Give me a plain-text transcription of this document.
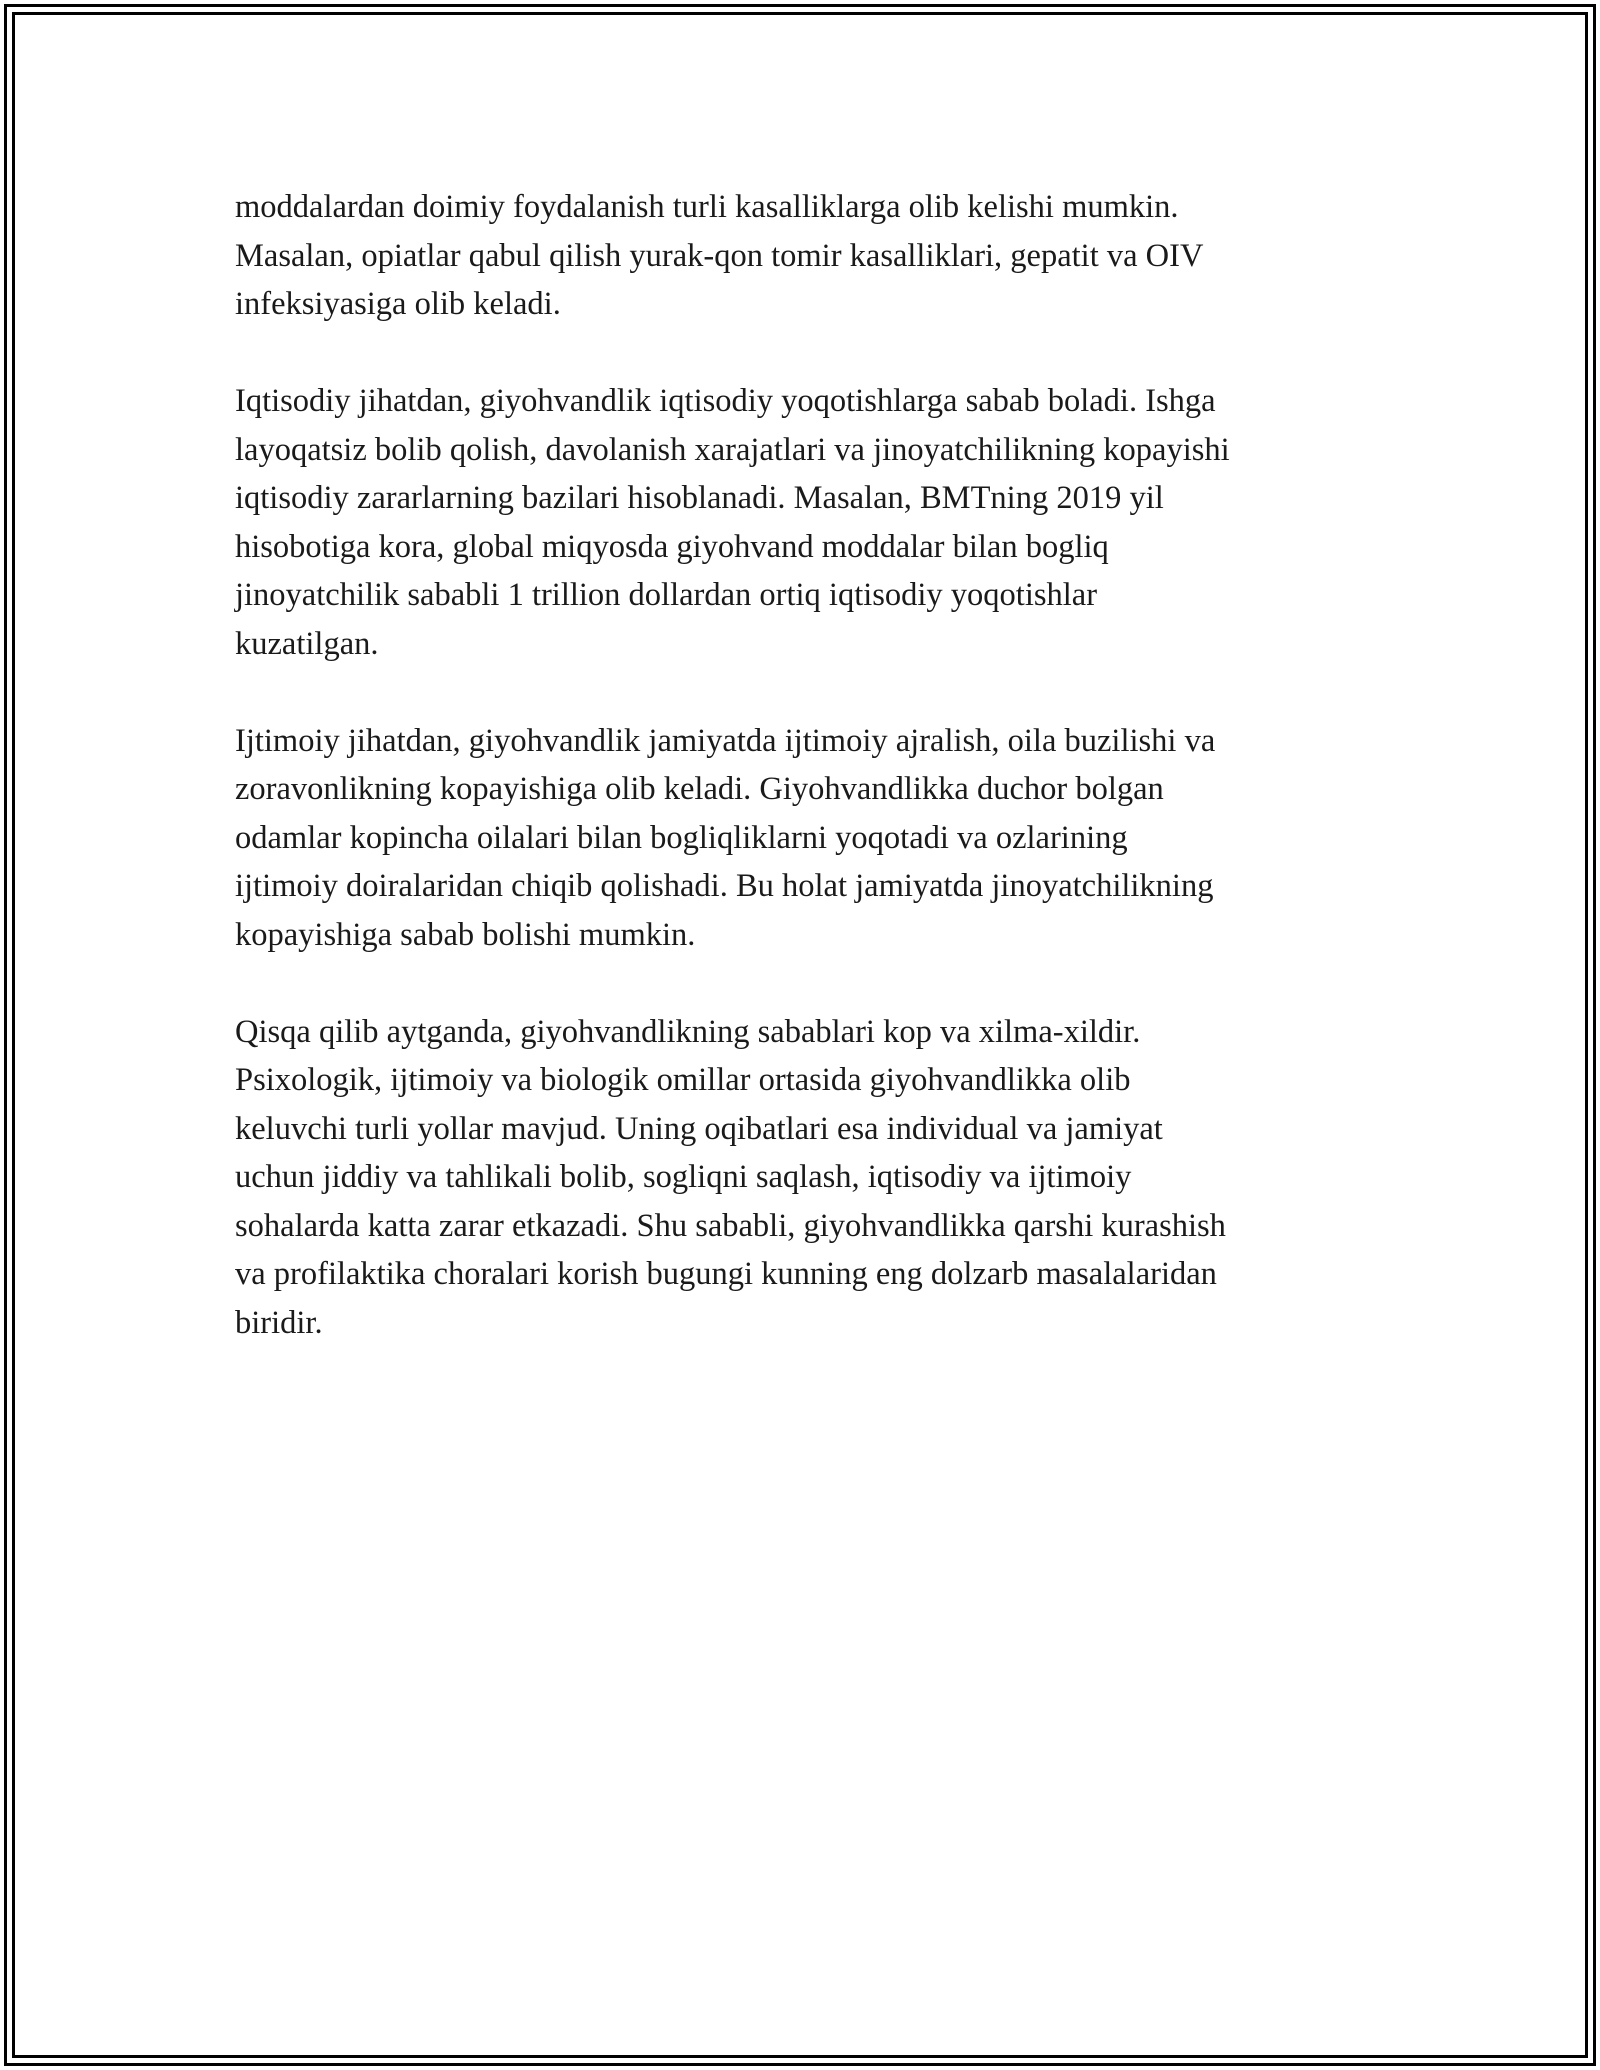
moddalardan doimiy foydalanish turli kasalliklarga olib kelishi mumkin.
Masalan, opiatlar qabul qilish yurak-qon tomir kasalliklari, gepatit va OIV
infeksiyasiga olib keladi.

Iqtisodiy jihatdan, giyohvandlik iqtisodiy yoqotishlarga sabab boladi. Ishga
layoqatsiz bolib qolish, davolanish xarajatlari va jinoyatchilikning kopayishi
iqtisodiy zararlarning bazilari hisoblanadi. Masalan, BMTning 2019 yil
hisobotiga kora, global miqyosda giyohvand moddalar bilan bogliq
jinoyatchilik sababli 1 trillion dollardan ortiq iqtisodiy yoqotishlar
kuzatilgan.

Ijtimoiy jihatdan, giyohvandlik jamiyatda ijtimoiy ajralish, oila buzilishi va
zoravonlikning kopayishiga olib keladi. Giyohvandlikka duchor bolgan
odamlar kopincha oilalari bilan bogliqliklarni yoqotadi va ozlarining
ijtimoiy doiralaridan chiqib qolishadi. Bu holat jamiyatda jinoyatchilikning
kopayishiga sabab bolishi mumkin.

Qisqa qilib aytganda, giyohvandlikning sabablari kop va xilma-xildir.
Psixologik, ijtimoiy va biologik omillar ortasida giyohvandlikka olib
keluvchi turli yollar mavjud. Uning oqibatlari esa individual va jamiyat
uchun jiddiy va tahlikali bolib, sogliqni saqlash, iqtisodiy va ijtimoiy
sohalarda katta zarar etkazadi. Shu sababli, giyohvandlikka qarshi kurashish
va profilaktika choralari korish bugungi kunning eng dolzarb masalalaridan
biridir.
